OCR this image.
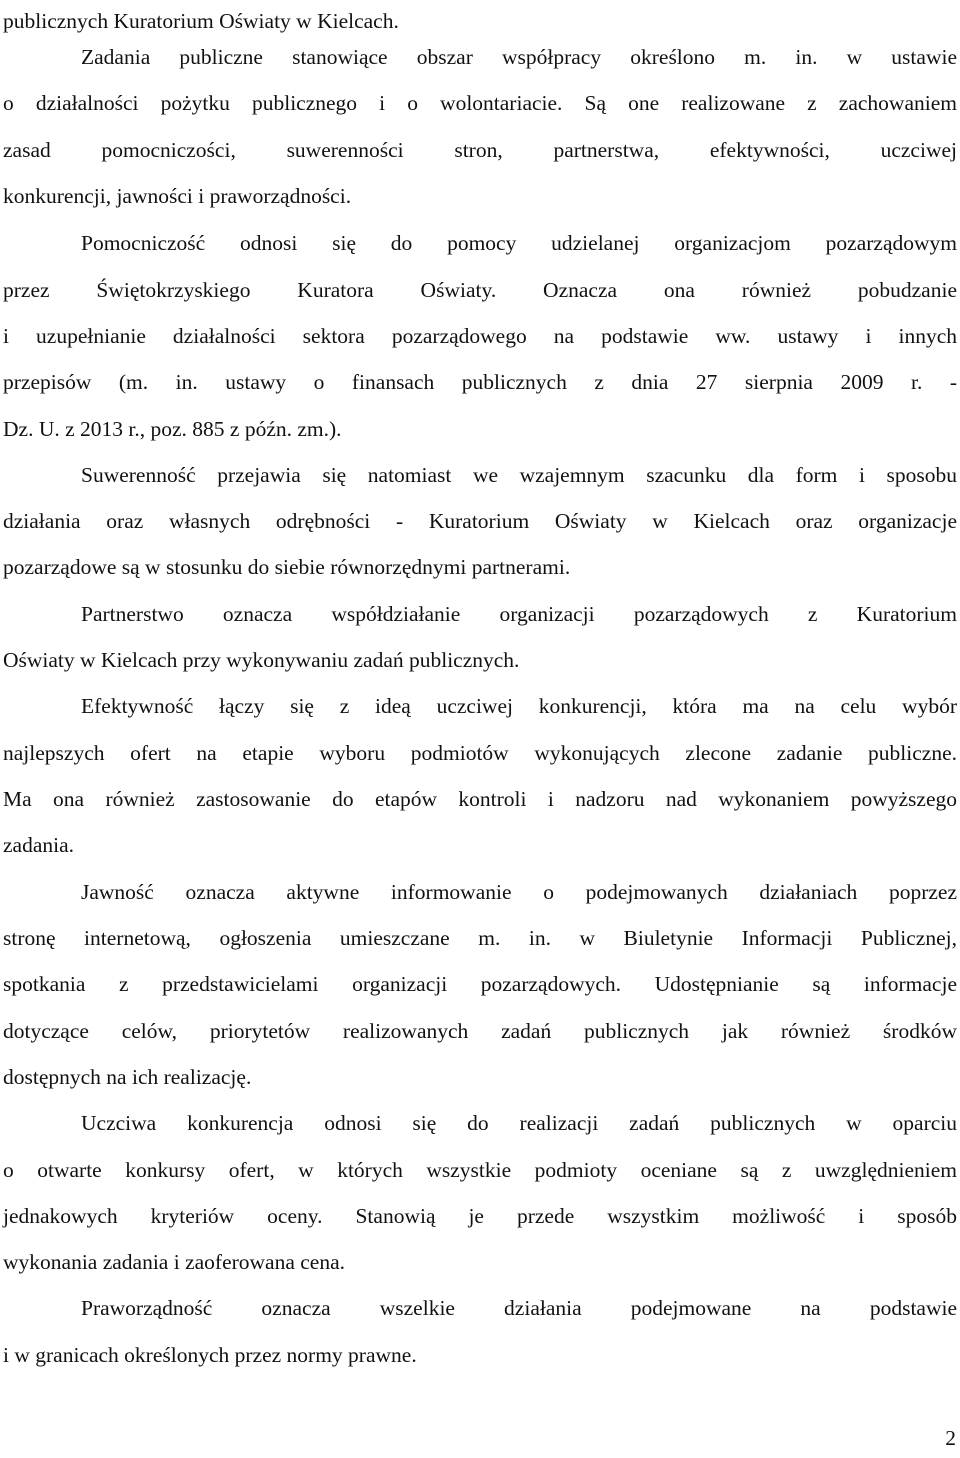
publicznych Kuratorium Oświaty w Kielcach.
Zadania publiczne stanowiące obszar współpracy określono m. in. w ustawie
o działalności pożytku publicznego i o wolontariacie. Są one realizowane z zachowaniem
zasad pomocniczości, suwerenności stron, partnerstwa, efektywności, uczciwej
konkurencji, jawności i praworządności.
Pomocniczość odnosi się do pomocy udzielanej organizacjom pozarządowym
przez Świętokrzyskiego Kuratora Oświaty. Oznacza ona również pobudzanie
i uzupełnianie działalności sektora pozarządowego na podstawie ww. ustawy i innych
przepisów (m. in. ustawy o finansach publicznych z dnia 27 sierpnia 2009 r. -
Dz. U. z 2013 r., poz. 885 z późn. zm.).
Suwerenność przejawia się natomiast we wzajemnym szacunku dla form i sposobu
działania oraz własnych odrębności - Kuratorium Oświaty w Kielcach oraz organizacje
pozarządowe są w stosunku do siebie równorzędnymi partnerami.
Partnerstwo oznacza współdziałanie organizacji pozarządowych z Kuratorium
Oświaty w Kielcach przy wykonywaniu zadań publicznych.
Efektywność łączy się z ideą uczciwej konkurencji, która ma na celu wybór
najlepszych ofert na etapie wyboru podmiotów wykonujących zlecone zadanie publiczne.
Ma ona również zastosowanie do etapów kontroli i nadzoru nad wykonaniem powyższego
zadania.
Jawność oznacza aktywne informowanie o podejmowanych działaniach poprzez
stronę internetową, ogłoszenia umieszczane m. in. w Biuletynie Informacji Publicznej,
spotkania z przedstawicielami organizacji pozarządowych. Udostępnianie są informacje
dotyczące celów, priorytetów realizowanych zadań publicznych jak również środków
dostępnych na ich realizację.
Uczciwa konkurencja odnosi się do realizacji zadań publicznych w oparciu
o otwarte konkursy ofert, w których wszystkie podmioty oceniane są z uwzględnieniem
jednakowych kryteriów oceny. Stanowią je przede wszystkim możliwość i sposób
wykonania zadania i zaoferowana cena.
Praworządność oznacza wszelkie działania podejmowane na podstawie
i w granicach określonych przez normy prawne.
2
